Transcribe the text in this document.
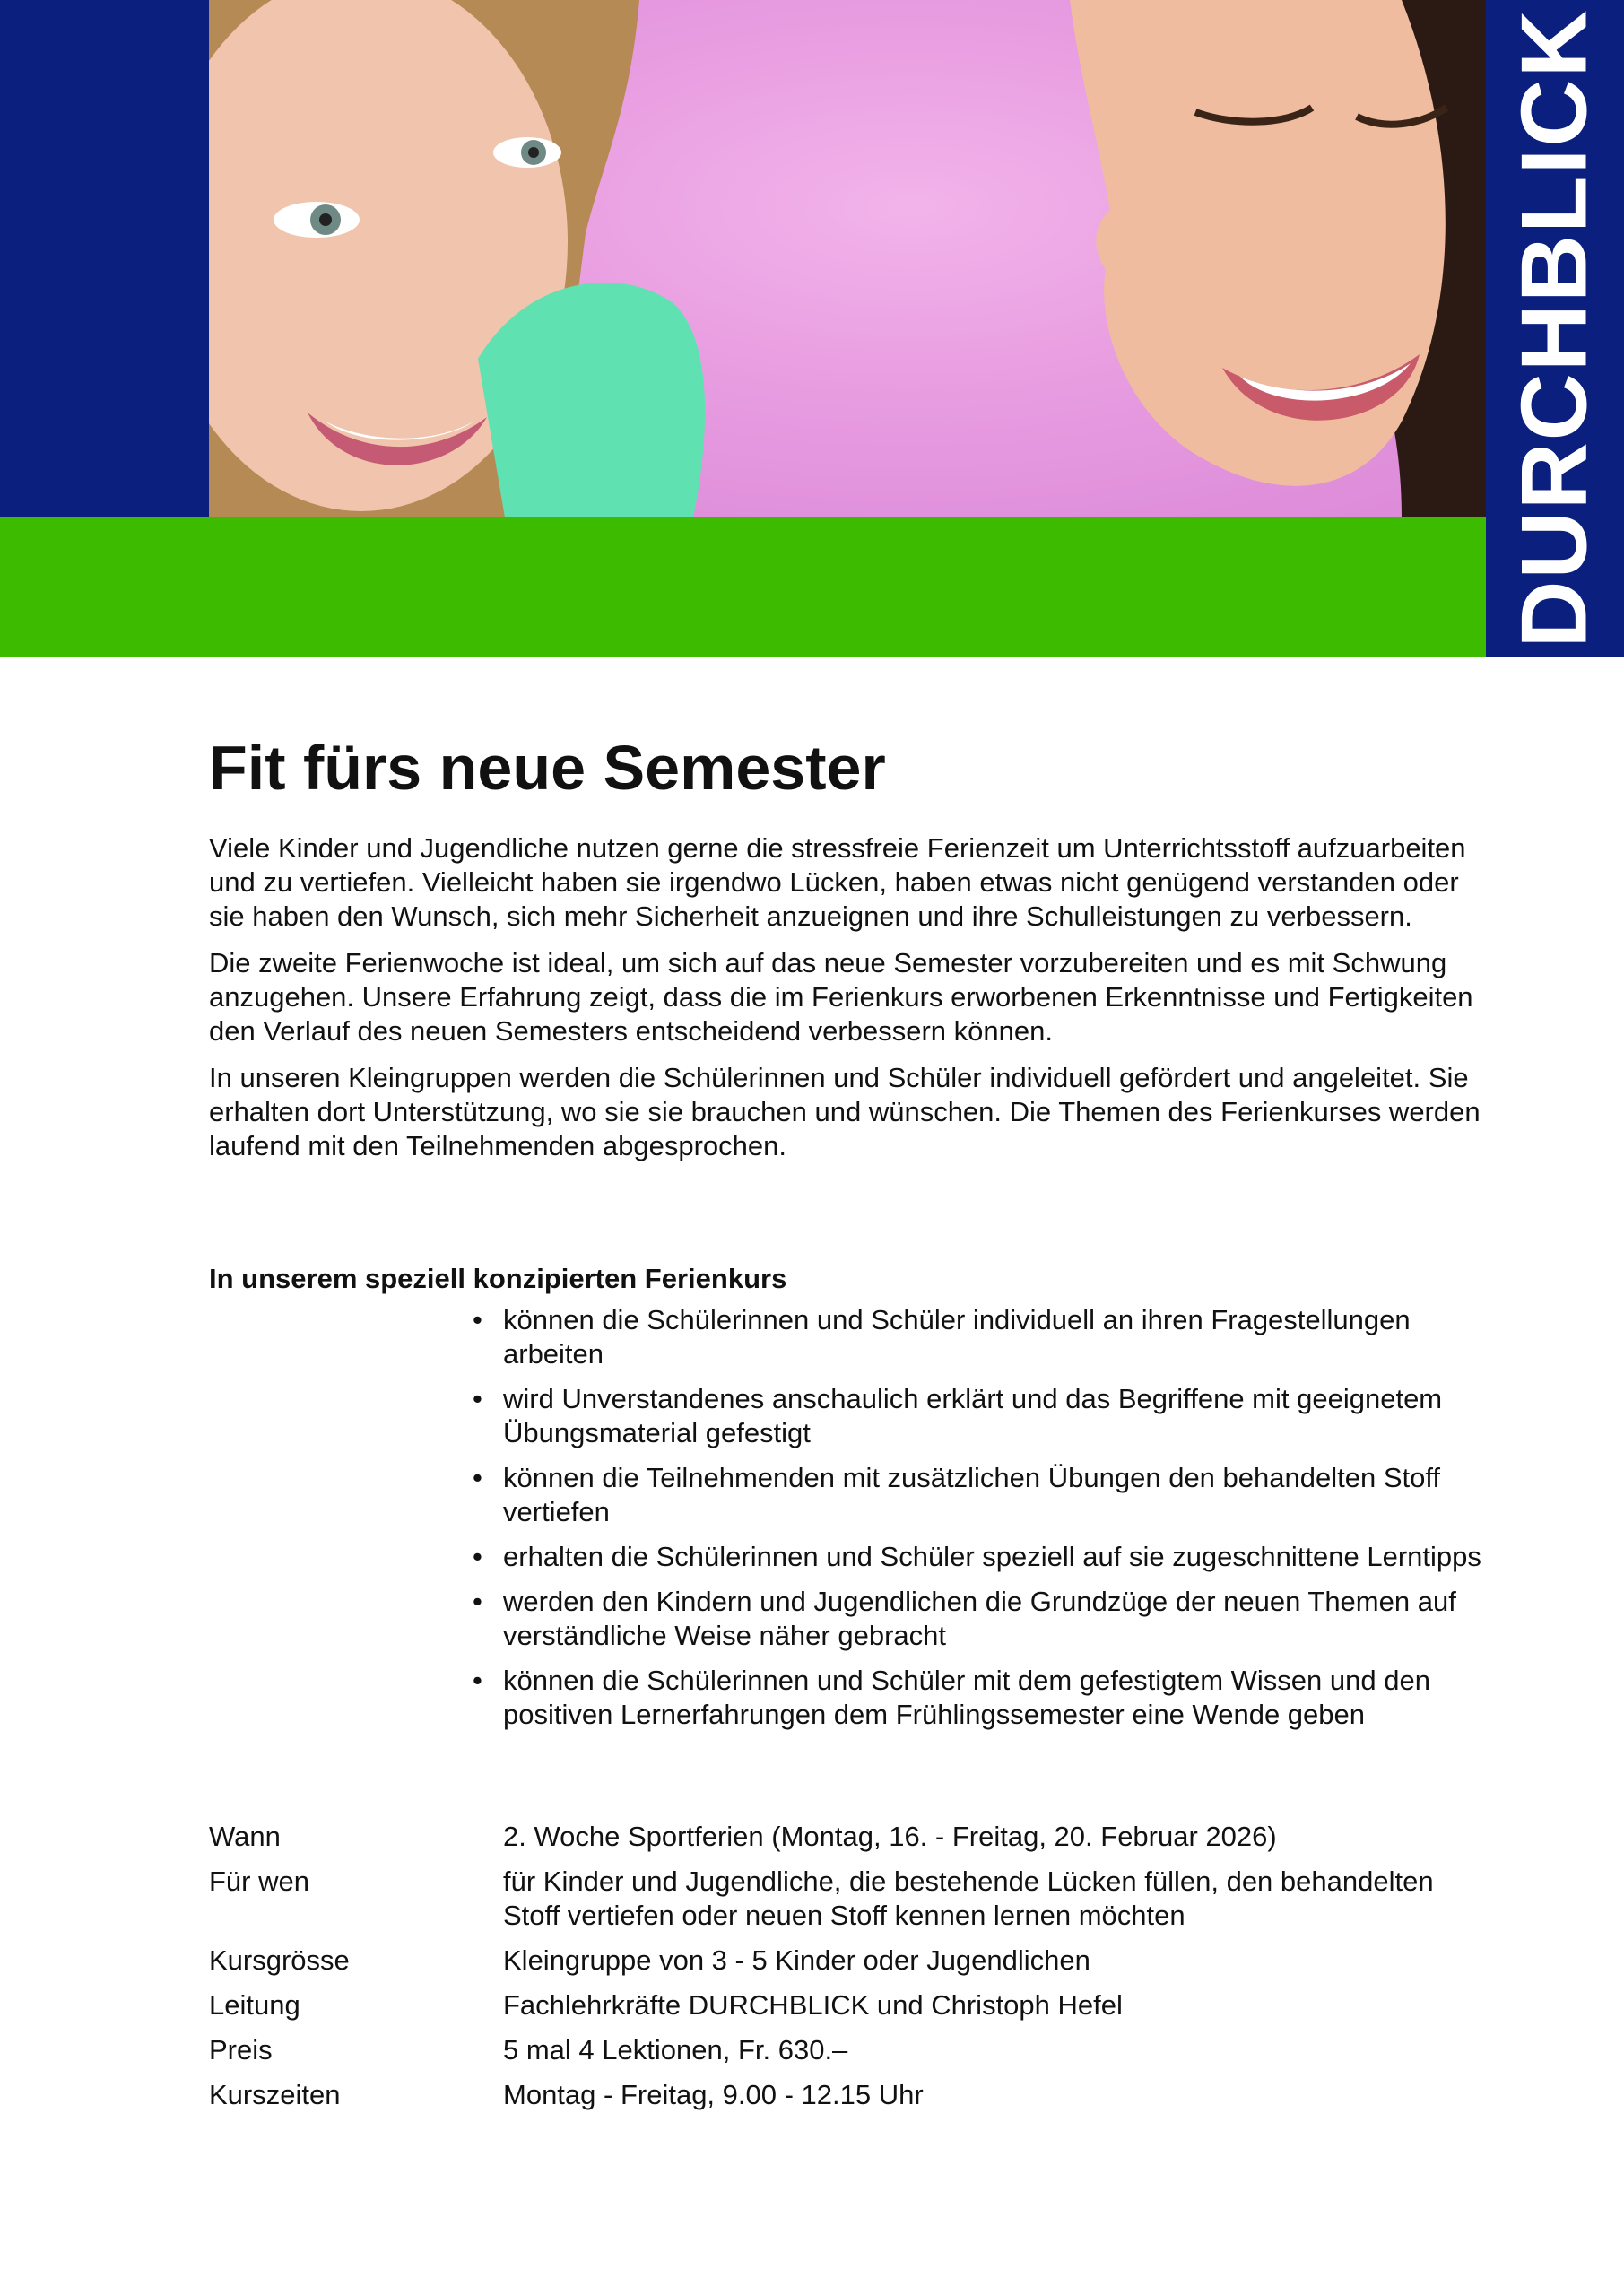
DURCHBLICK
Fit fürs neue Semester

Viele Kinder und Jugendliche nutzen gerne die stressfreie Ferienzeit um Unterrichtsstoff aufzuarbeiten und zu vertiefen. Vielleicht haben sie irgendwo Lücken, haben etwas nicht genügend verstanden oder sie haben den Wunsch, sich mehr Sicherheit anzueignen und ihre Schulleistungen zu verbessern.

Die zweite Ferienwoche ist ideal, um sich auf das neue Semester vorzubereiten und es mit Schwung anzugehen. Unsere Erfahrung zeigt, dass die im Ferienkurs erworbenen Erkenntnisse und Fertigkeiten den Verlauf des neuen Semesters entscheidend verbessern können.

In unseren Kleingruppen werden die Schülerinnen und Schüler individuell gefördert und angeleitet. Sie erhalten dort Unterstützung, wo sie sie brauchen und wünschen. Die Themen des Ferienkurses werden laufend mit den Teilnehmenden abgesprochen.

In unserem speziell konzipierten Ferienkurs
• können die Schülerinnen und Schüler individuell an ihren Fragestellungen arbeiten
• wird Unverstandenes anschaulich erklärt und das Begriffene mit geeignetem Übungsmaterial gefestigt
• können die Teilnehmenden mit zusätzlichen Übungen den behandelten Stoff vertiefen
• erhalten die Schülerinnen und Schüler speziell auf sie zugeschnittene Lerntipps
• werden den Kindern und Jugendlichen die Grundzüge der neuen Themen auf verständliche Weise näher gebracht
• können die Schülerinnen und Schüler mit dem gefestigtem Wissen und den positiven Lernerfahrungen dem Frühlingssemester eine Wende geben
Wann	2. Woche Sportferien (Montag, 16. - Freitag, 20. Februar 2026)
Für wen	für Kinder und Jugendliche, die bestehende Lücken füllen, den behandelten Stoff vertiefen oder neuen Stoff kennen lernen möchten
Kursgrösse	Kleingruppe von 3 - 5 Kinder oder Jugendlichen
Leitung	Fachlehrkräfte DURCHBLICK und Christoph Hefel
Preis	5 mal 4 Lektionen, Fr. 630.–
Kurszeiten	Montag - Freitag, 9.00 - 12.15 Uhr
